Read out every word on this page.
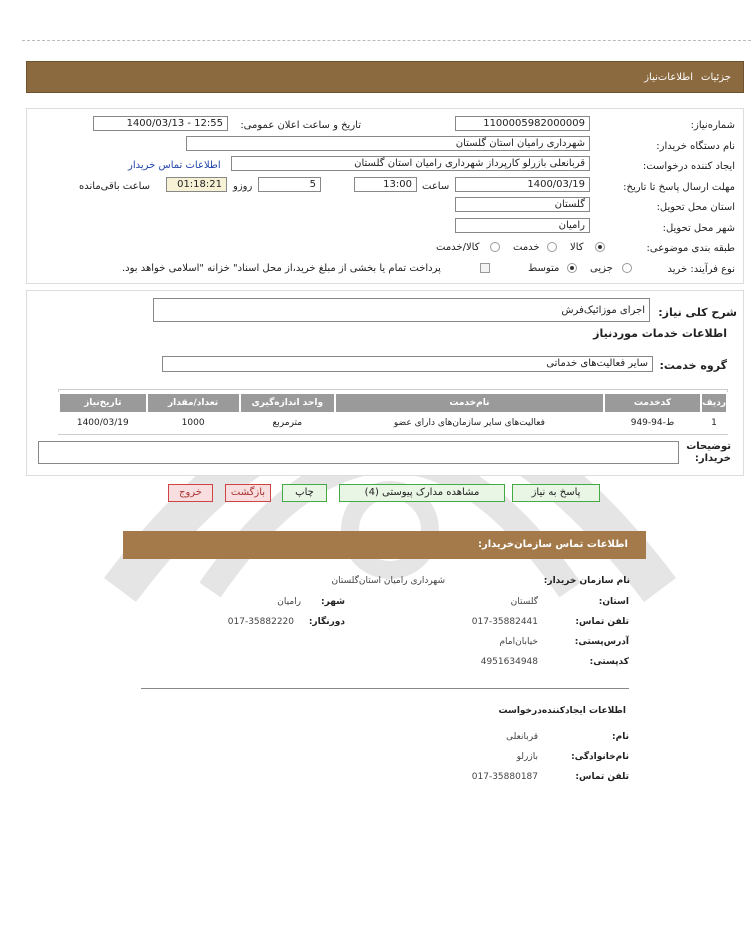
جزئیات
اطلاعات‌نیاز
شماره‌نیاز:
1100005982000009
تاریخ و ساعت اعلان عمومی:
1400/03/13 - 12:55
نام دستگاه خریدار:
شهرداری رامیان استان گلستان
ایجاد کننده درخواست:
قربانعلی بازرلو کارپرداز شهرداری رامیان استان گلستان
اطلاعات تماس خریدار
مهلت ارسال پاسخ تا تاریخ:
1400/03/19
ساعت
13:00
5
روزو
01:18:21
ساعت باقی‌مانده
استان محل تحویل:
گلستان
شهر محل تحویل:
رامیان
طبقه بندی موضوعی:
کالا
خدمت
کالا/خدمت
نوع فرآیند: خرید
جزیی
متوسط
پرداخت تمام یا بخشی از مبلغ خرید،از محل اسناد" خزانه "اسلامی خواهد بود.
شرح کلی نیاز:
اجرای موزائیک‌فرش
اطلاعات خدمات موردنیاز
گروه خدمت:
سایر فعالیت‌های خدماتی
ردیف	کدخدمت	نام‌خدمت	واحد اندازه‌گیری	تعداد/مقدار	تاریخ‌نیاز
1	ط-94-949	فعالیت‌های سایر سازمان‌های دارای عضو	مترمربع	1000	1400/03/19
توضیحات خریدار:
پاسخ به نیاز
مشاهده مدارک پیوستی (4)
چاپ
بازگشت
خروج
اطلاعات تماس سازمان‌خریدار:
نام سازمان خریدار:
شهرداری رامیان استان‌گلستان
استان:
گلستان
شهر:
رامیان
تلفن تماس:
017-35882441
دورنگار:
017-35882220
آدرس‌پستی:
خیابان‌امام
کدپستی:
4951634948
اطلاعات ایجادکننده‌درخواست
نام:
قربانعلی
نام‌خانوادگی:
بازرلو
تلفن تماس:
017-35880187
